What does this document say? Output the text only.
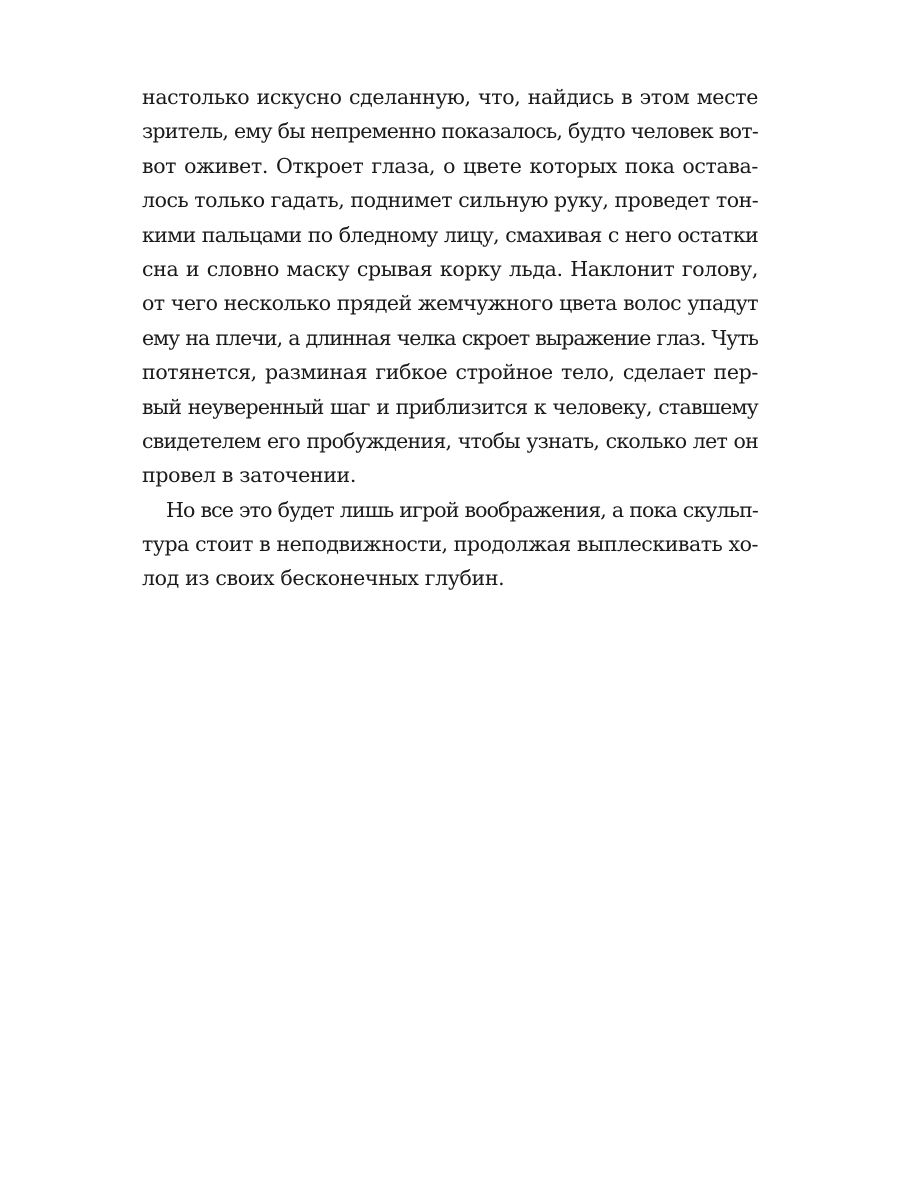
настолько искусно сделанную, что, найдись в этом месте
зритель, ему бы непременно показалось, будто человек вот-
вот оживет. Откроет глаза, о цвете которых пока остава-
лось только гадать, поднимет сильную руку, проведет тон-
кими пальцами по бледному лицу, смахивая с него остатки
сна и словно маску срывая корку льда. Наклонит голову,
от чего несколько прядей жемчужного цвета волос упадут
ему на плечи, а длинная челка скроет выражение глаз. Чуть
потянется, разминая гибкое стройное тело, сделает пер-
вый неуверенный шаг и приблизится к человеку, ставшему
свидетелем его пробуждения, чтобы узнать, сколько лет он
провел в заточении.
Но все это будет лишь игрой воображения, а пока скульп-
тура стоит в неподвижности, продолжая выплескивать хо-
лод из своих бесконечных глубин.
